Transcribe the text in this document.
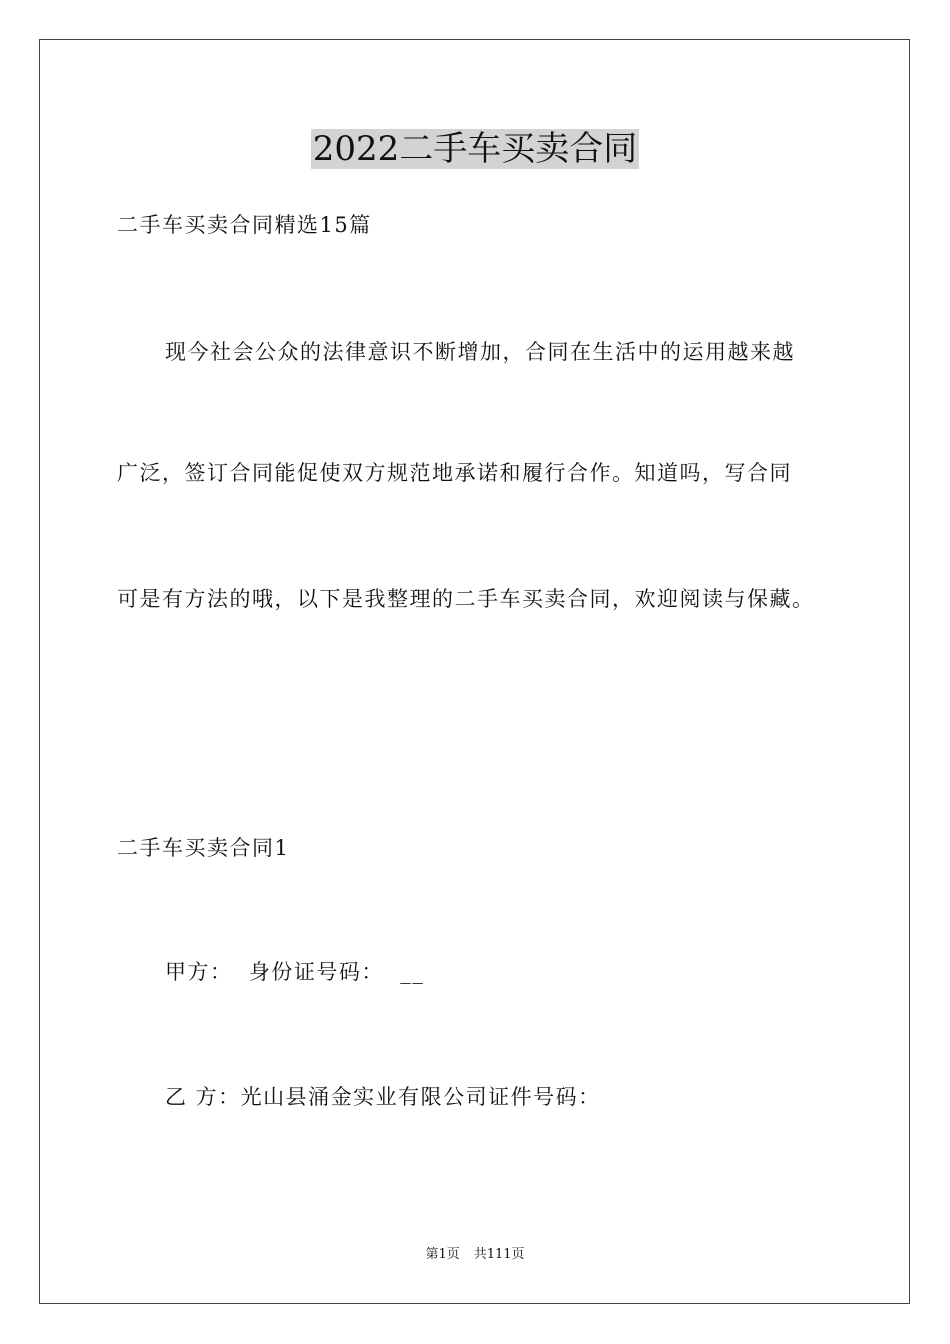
2022二手车买卖合同
二手车买卖合同精选15篇
现今社会公众的法律意识不断增加，合同在生活中的运用越来越
广泛，签订合同能促使双方规范地承诺和履行合作。知道吗，写合同
可是有方法的哦，以下是我整理的二手车买卖合同，欢迎阅读与保藏。
二手车买卖合同1
甲方：  身份证号码：  __
乙 方：光山县涌金实业有限公司证件号码：
第1页 共111页
